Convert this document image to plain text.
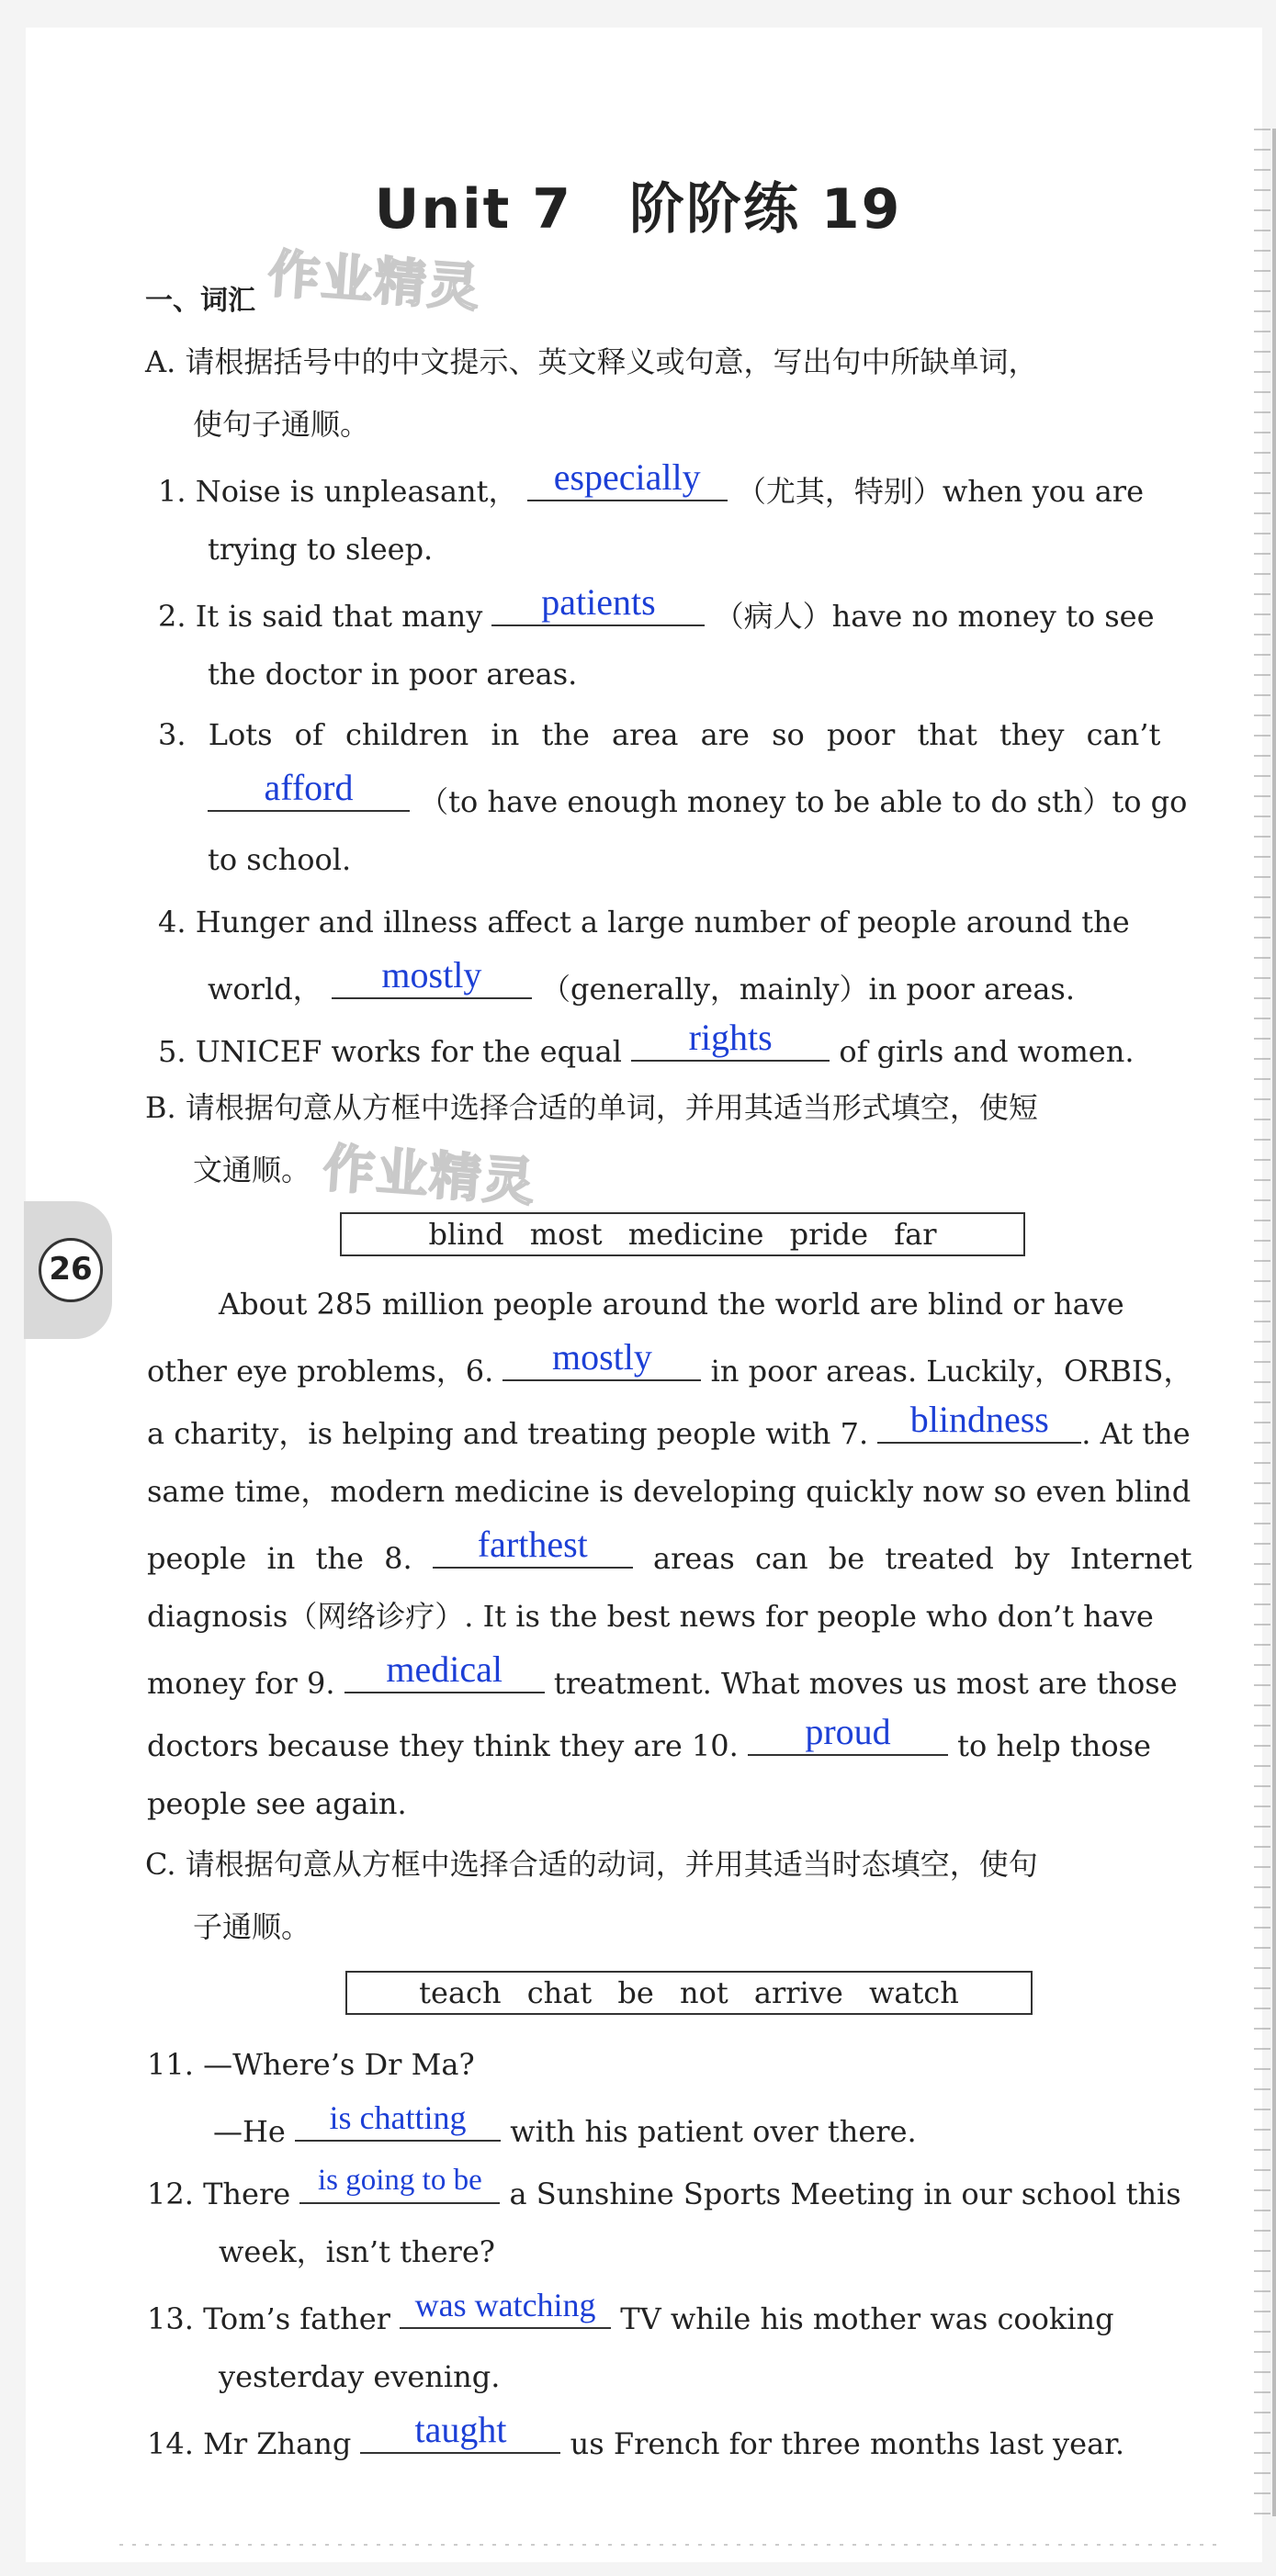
Unit 7　阶阶练 19
作业精灵
作业精灵
一、词汇
A. 请根据括号中的中文提示、英文释义或句意，写出句中所缺单词，
使句子通顺。
1. Noise is unpleasant， especially	（尤其，特别）when you are
trying to sleep.
2. It is said that many	patients	（病人）have no money to see
the doctor in poor areas.
3. Lots of children in the area are so poor that they can’t
afford	（to have enough money to be able to do sth）to go
to school.
4. Hunger and illness affect a large number of people around the
world，	mostly	（generally，mainly）in poor areas.
5. UNICEF works for the equal	rights	of girls and women.
B. 请根据句意从方框中选择合适的单词，并用其适当形式填空，使短
文通顺。
blind most medicine pride far
26
About 285 million people around the world are blind or have
other eye problems，6.	mostly	in poor areas. Luckily，ORBIS，
a charity，is helping and treating people with 7.	blindness	. At the
same time，modern medicine is developing quickly now so even blind
people in the 8.	farthest	areas can be treated by Internet
diagnosis（网络诊疗）. It is the best news for people who don’t have
money for 9.	medical	treatment. What moves us most are those
doctors because they think they are 10.	proud	to help those
people see again.
C. 请根据句意从方框中选择合适的动词，并用其适当时态填空，使句
子通顺。
teach chat be not arrive watch
11. —Where’s Dr Ma?
—He	is chatting	with his patient over there.
12. There is going to be a Sunshine Sports Meeting in our school this
week，isn’t there?
13. Tom’s father was watching TV while his mother was cooking
yesterday evening.
14. Mr Zhang	taught	us French for three months last year.
